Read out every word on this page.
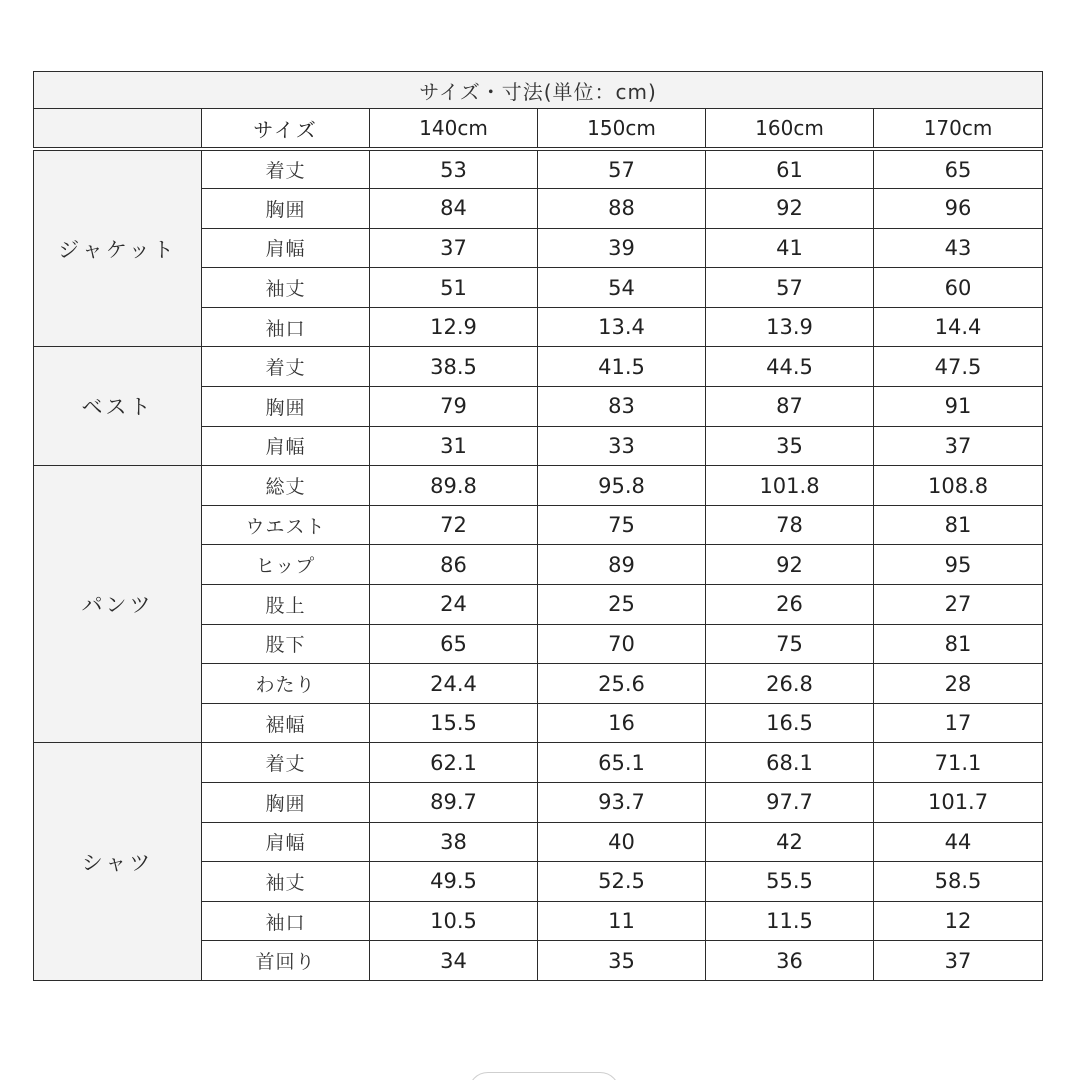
サイズ・寸法(単位：cm)					
	サイズ	140cm	150cm	160cm	170cm
ジャケット	着丈	53	57	61	65
	胸囲	84	88	92	96
	肩幅	37	39	41	43
	袖丈	51	54	57	60
	袖口	12.9	13.4	13.9	14.4
ベスト	着丈	38.5	41.5	44.5	47.5
	胸囲	79	83	87	91
	肩幅	31	33	35	37
パンツ	総丈	89.8	95.8	101.8	108.8
	ウエスト	72	75	78	81
	ヒップ	86	89	92	95
	股上	24	25	26	27
	股下	65	70	75	81
	わたり	24.4	25.6	26.8	28
	裾幅	15.5	16	16.5	17
シャツ	着丈	62.1	65.1	68.1	71.1
	胸囲	89.7	93.7	97.7	101.7
	肩幅	38	40	42	44
	袖丈	49.5	52.5	55.5	58.5
	袖口	10.5	11	11.5	12
	首回り	34	35	36	37
